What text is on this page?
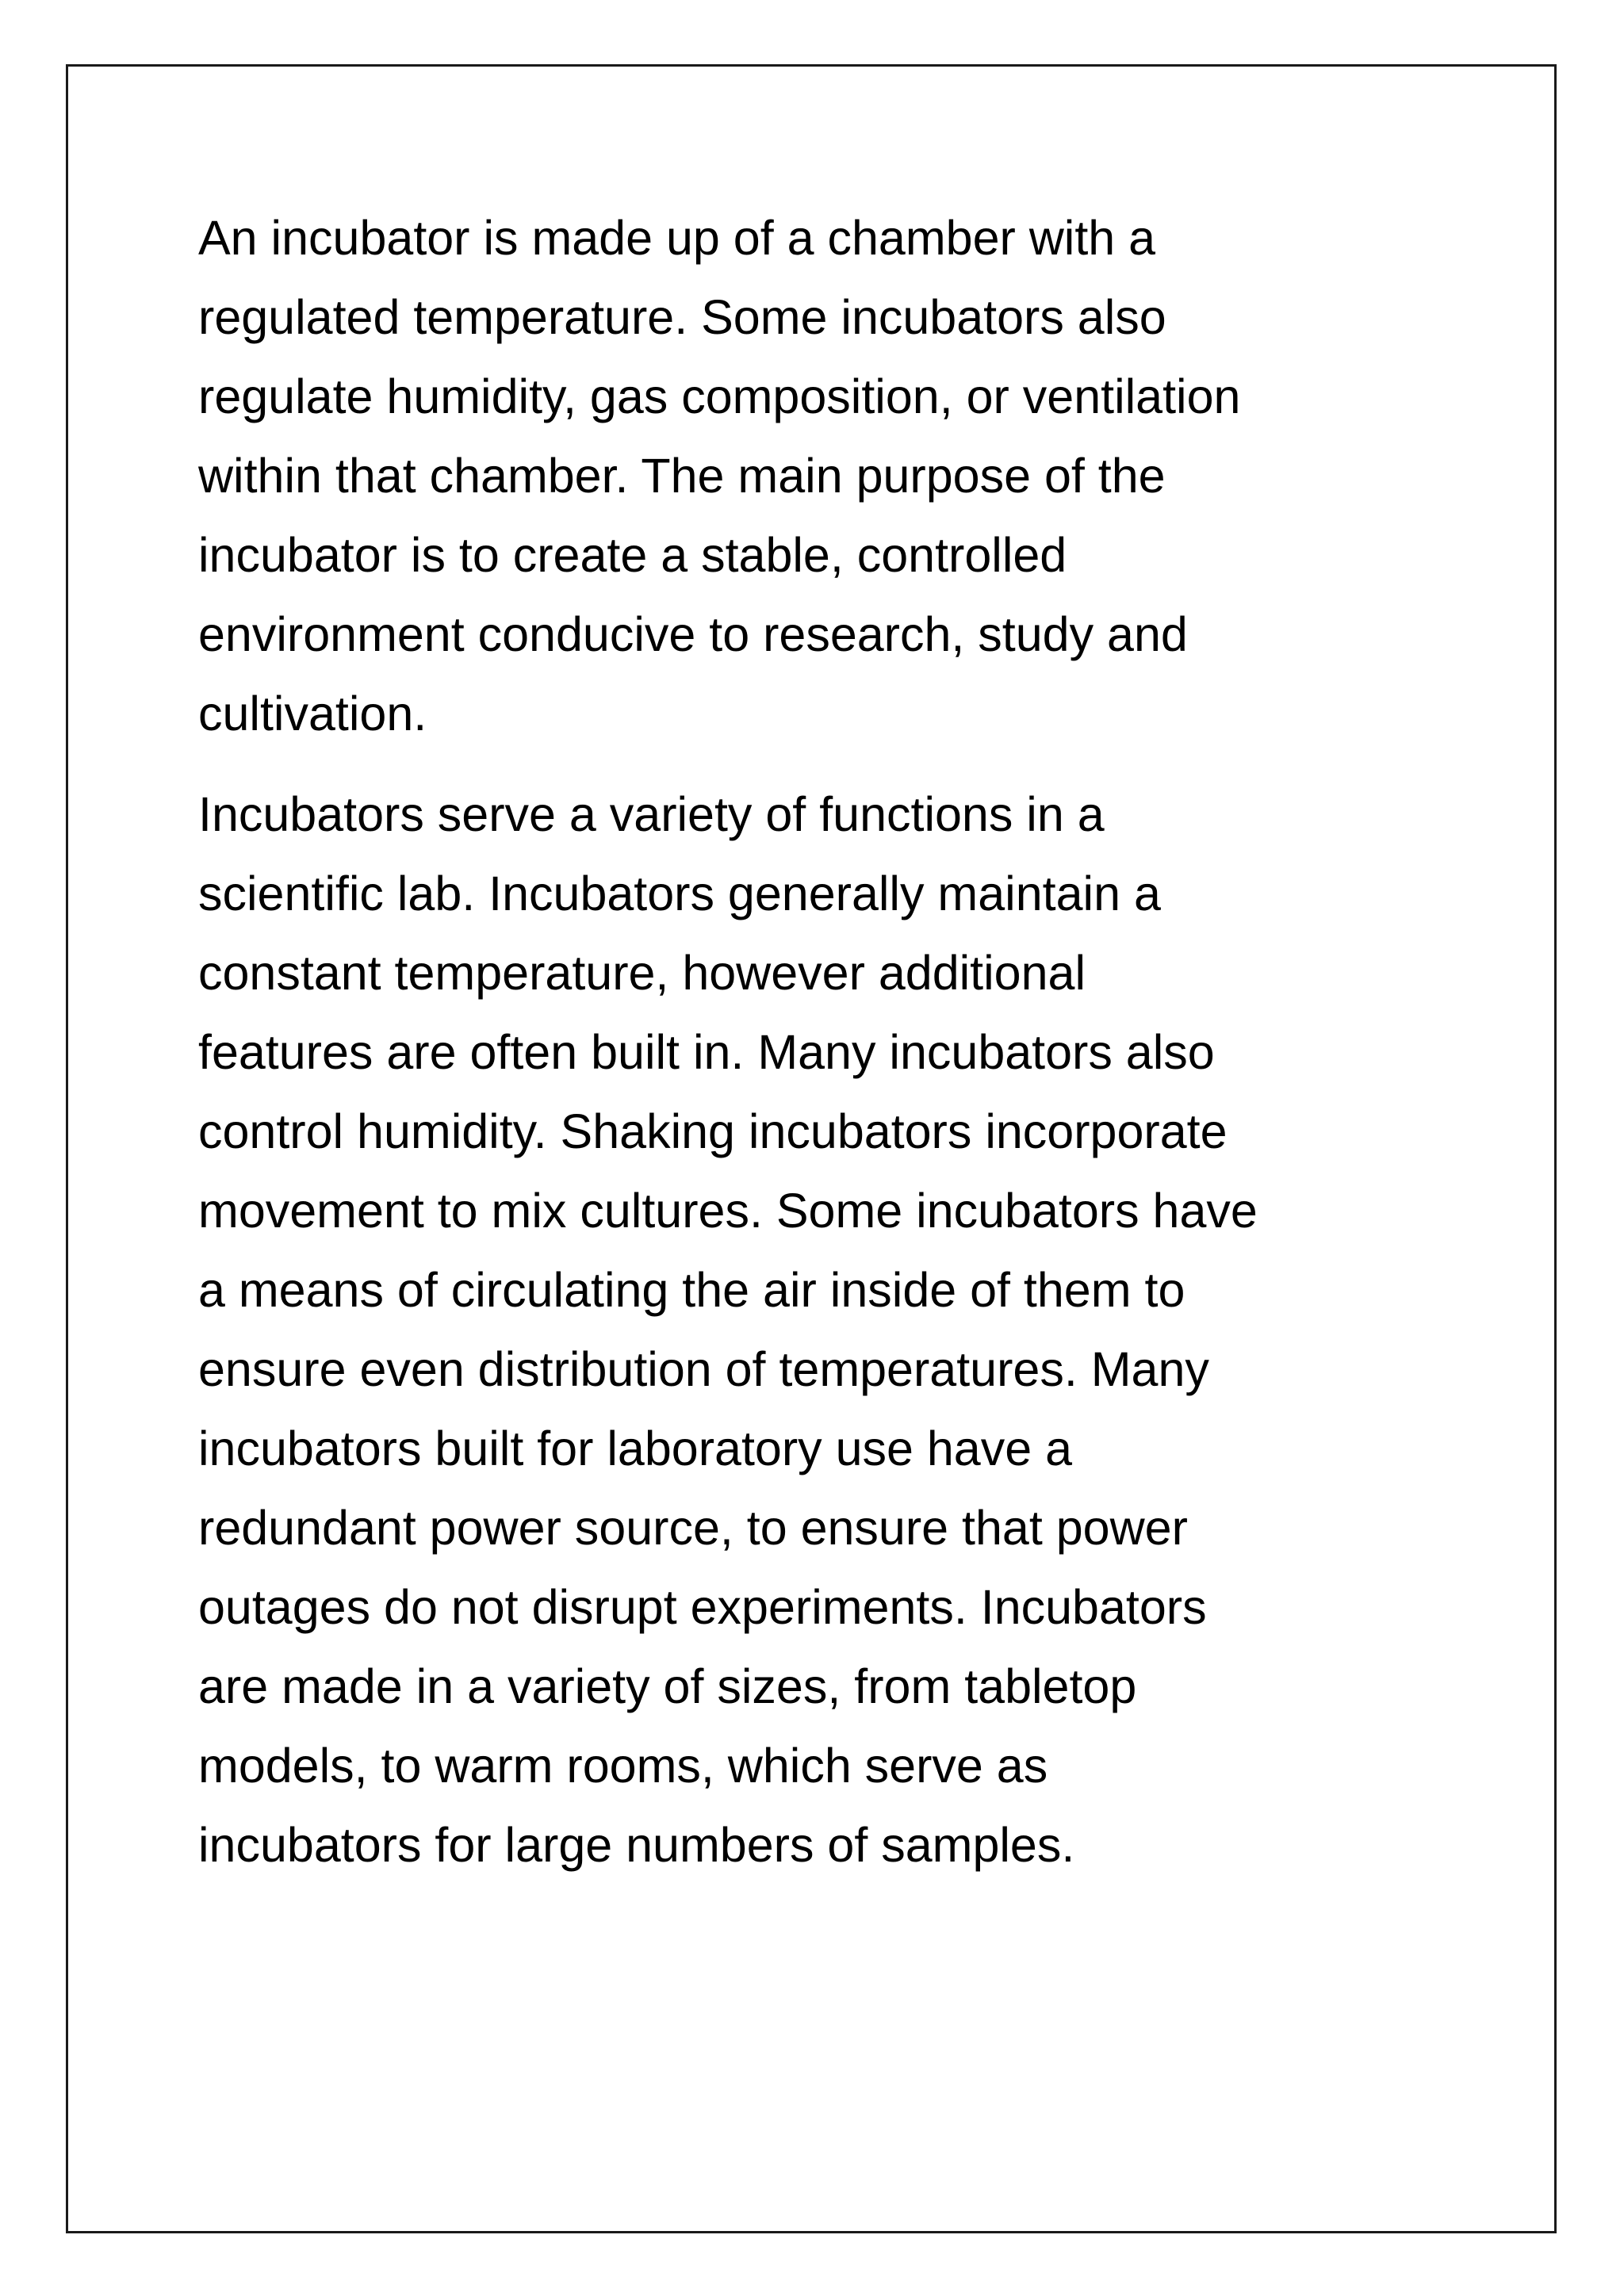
An incubator is made up of a chamber with a
regulated temperature. Some incubators also
regulate humidity, gas composition, or ventilation
within that chamber. The main purpose of the
incubator is to create a stable, controlled
environment conducive to research, study and
cultivation.

Incubators serve a variety of functions in a
scientific lab. Incubators generally maintain a
constant temperature, however additional
features are often built in. Many incubators also
control humidity. Shaking incubators incorporate
movement to mix cultures. Some incubators have
a means of circulating the air inside of them to
ensure even distribution of temperatures. Many
incubators built for laboratory use have a
redundant power source, to ensure that power
outages do not disrupt experiments. Incubators
are made in a variety of sizes, from tabletop
models, to warm rooms, which serve as
incubators for large numbers of samples.
